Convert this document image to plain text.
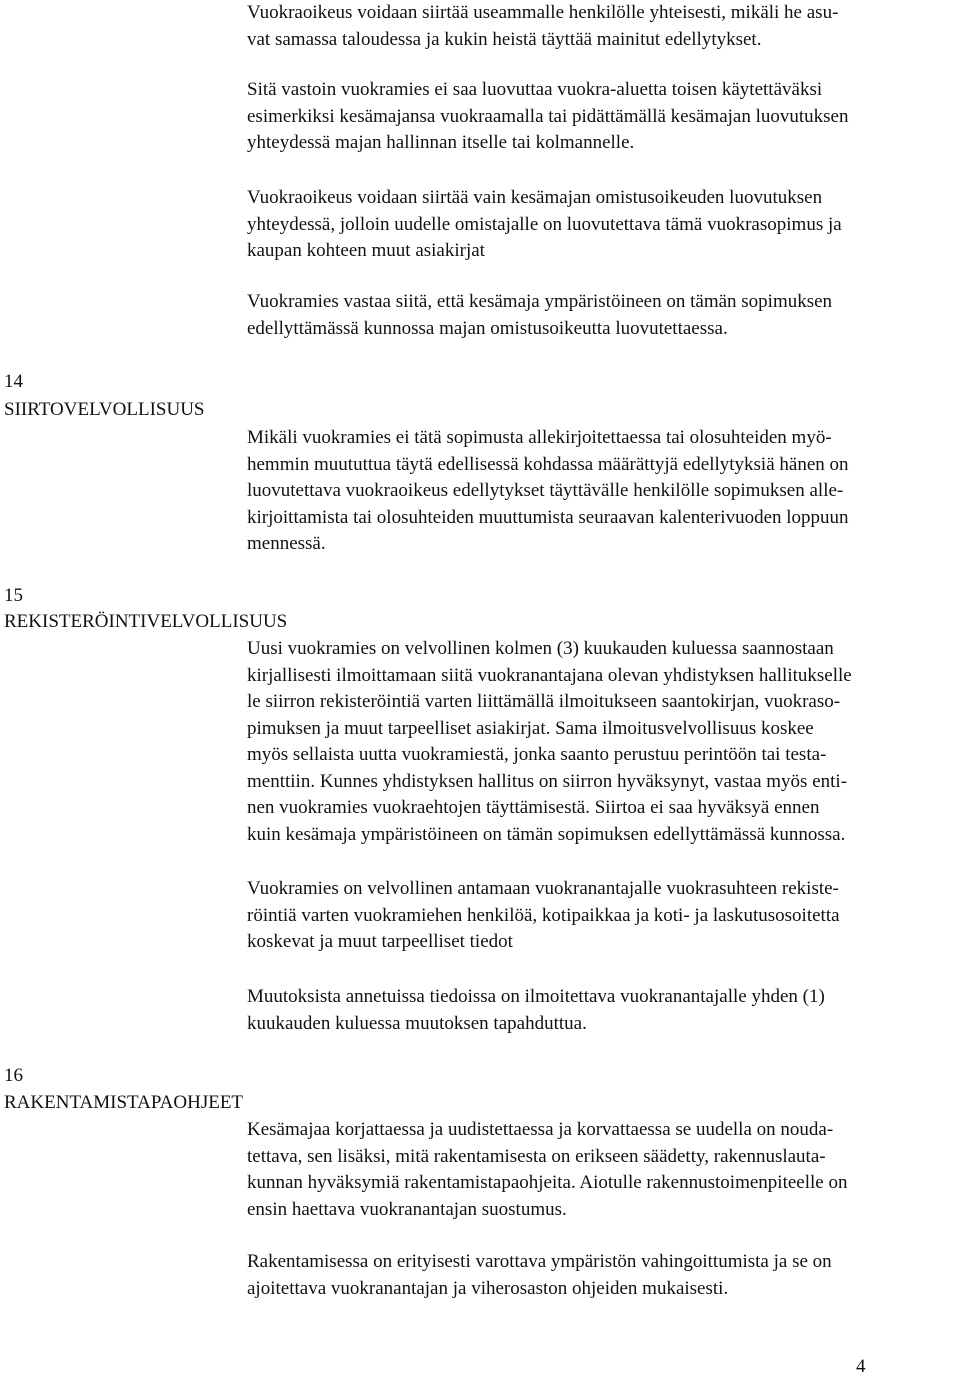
Vuokraoikeus voidaan siirtää useammalle henkilölle yhteisesti, mikäli he asu-
vat samassa taloudessa ja kukin heistä täyttää mainitut edellytykset.
Sitä vastoin vuokramies ei saa luovuttaa vuokra-aluetta toisen käytettäväksi
esimerkiksi kesämajansa vuokraamalla tai pidättämällä kesämajan luovutuksen
yhteydessä majan hallinnan itselle tai kolmannelle.
Vuokraoikeus voidaan siirtää vain kesämajan omistusoikeuden luovutuksen
yhteydessä, jolloin uudelle omistajalle on luovutettava tämä vuokrasopimus ja
kaupan kohteen muut asiakirjat
Vuokramies vastaa siitä, että kesämaja ympäristöineen on tämän sopimuksen
edellyttämässä kunnossa majan omistusoikeutta luovutettaessa.
14
SIIRTOVELVOLLISUUS
Mikäli vuokramies ei tätä sopimusta allekirjoitettaessa tai olosuhteiden myö-
hemmin muututtua täytä edellisessä kohdassa määrättyjä edellytyksiä hänen on
luovutettava vuokraoikeus edellytykset täyttävälle henkilölle sopimuksen alle-
kirjoittamista tai olosuhteiden muuttumista seuraavan kalenterivuoden loppuun
mennessä.
15
REKISTERÖINTIVELVOLLISUUS
Uusi vuokramies on velvollinen kolmen (3) kuukauden kuluessa saannostaan
kirjallisesti ilmoittamaan siitä vuokranantajana olevan yhdistyksen hallitukselle
le siirron rekisteröintiä varten liittämällä ilmoitukseen saantokirjan, vuokraso-
pimuksen ja muut tarpeelliset asiakirjat. Sama ilmoitusvelvollisuus koskee
myös sellaista uutta vuokramiestä, jonka saanto perustuu perintöön tai testa-
menttiin. Kunnes yhdistyksen hallitus on siirron hyväksynyt, vastaa myös enti-
nen vuokramies vuokraehtojen täyttämisestä. Siirtoa ei saa hyväksyä ennen
kuin kesämaja ympäristöineen on tämän sopimuksen edellyttämässä kunnossa.
Vuokramies on velvollinen antamaan vuokranantajalle vuokrasuhteen rekiste-
röintiä varten vuokramiehen henkilöä, kotipaikkaa ja koti- ja laskutusosoitetta
koskevat ja muut tarpeelliset tiedot
Muutoksista annetuissa tiedoissa on ilmoitettava vuokranantajalle yhden (1)
kuukauden kuluessa muutoksen tapahduttua.
16
RAKENTAMISTAPAOHJEET
Kesämajaa korjattaessa ja uudistettaessa ja korvattaessa se uudella on nouda-
tettava, sen lisäksi, mitä rakentamisesta on erikseen säädetty, rakennuslauta-
kunnan hyväksymiä rakentamistapaohjeita. Aiotulle rakennustoimenpiteelle on
ensin haettava vuokranantajan suostumus.
Rakentamisessa on erityisesti varottava ympäristön vahingoittumista ja se on
ajoitettava vuokranantajan ja viherosaston ohjeiden mukaisesti.
4
